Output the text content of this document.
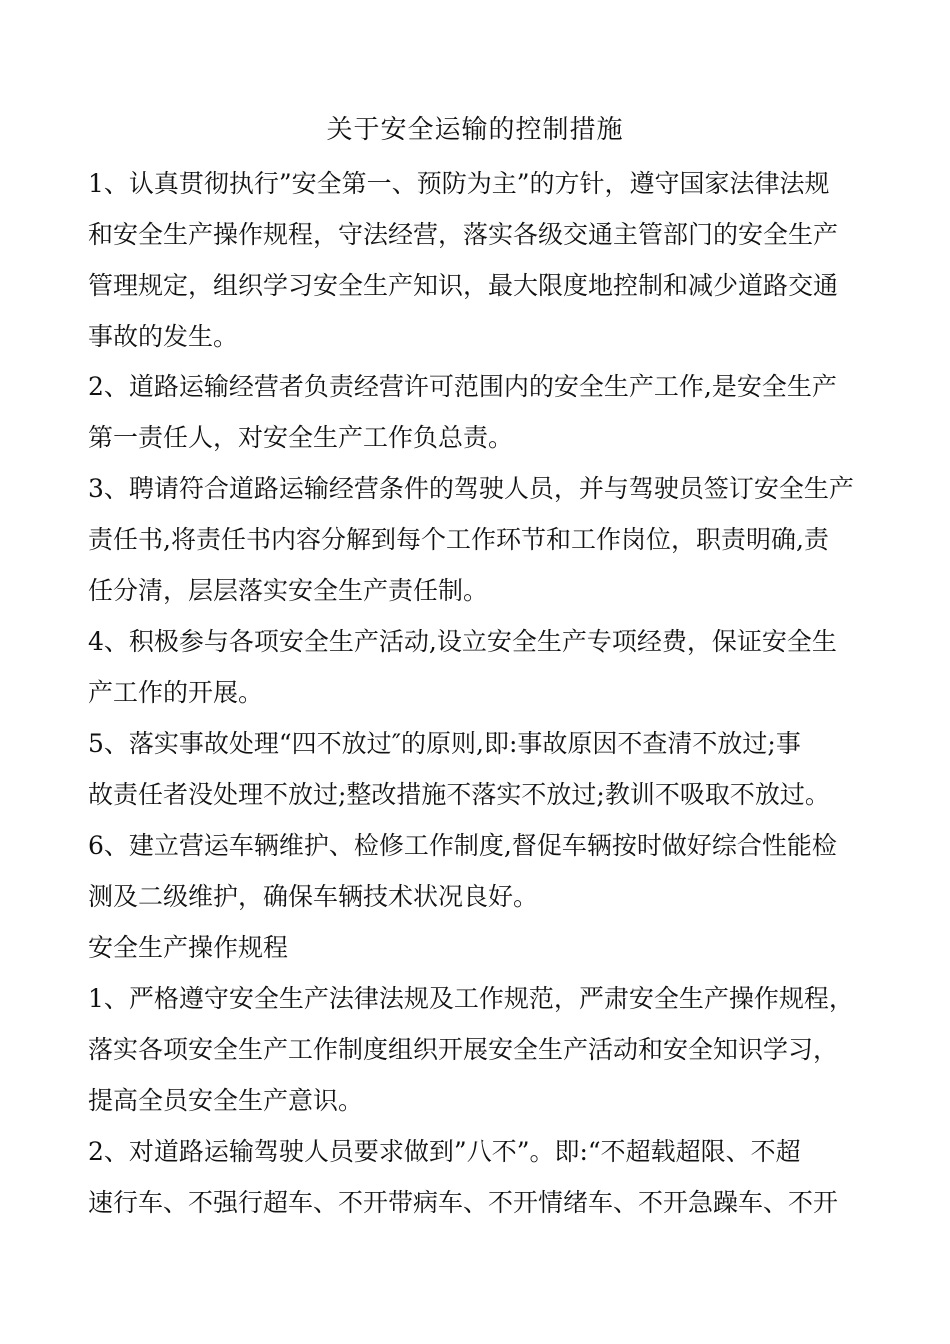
关于安全运输的控制措施

1、认真贯彻执行”安全第一、预防为主”的方针，遵守国家法律法规

和安全生产操作规程，守法经营，落实各级交通主管部门的安全生产

管理规定，组织学习安全生产知识，最大限度地控制和减少道路交通

事故的发生。

2、道路运输经营者负责经营许可范围内的安全生产工作,是安全生产

第一责任人，对安全生产工作负总责。

3、聘请符合道路运输经营条件的驾驶人员，并与驾驶员签订安全生产

责任书,将责任书内容分解到每个工作环节和工作岗位，职责明确,责

任分清，层层落实安全生产责任制。

4、积极参与各项安全生产活动,设立安全生产专项经费，保证安全生

产工作的开展。

5、落实事故处理“四不放过″的原则,即:事故原因不查清不放过;事

故责任者没处理不放过;整改措施不落实不放过;教训不吸取不放过。

6、建立营运车辆维护、检修工作制度,督促车辆按时做好综合性能检

测及二级维护，确保车辆技术状况良好。

安全生产操作规程

1、严格遵守安全生产法律法规及工作规范，严肃安全生产操作规程，

落实各项安全生产工作制度组织开展安全生产活动和安全知识学习，

提高全员安全生产意识。

2、对道路运输驾驶人员要求做到”八不”。即:“不超载超限、不超

速行车、不强行超车、不开带病车、不开情绪车、不开急躁车、不开
